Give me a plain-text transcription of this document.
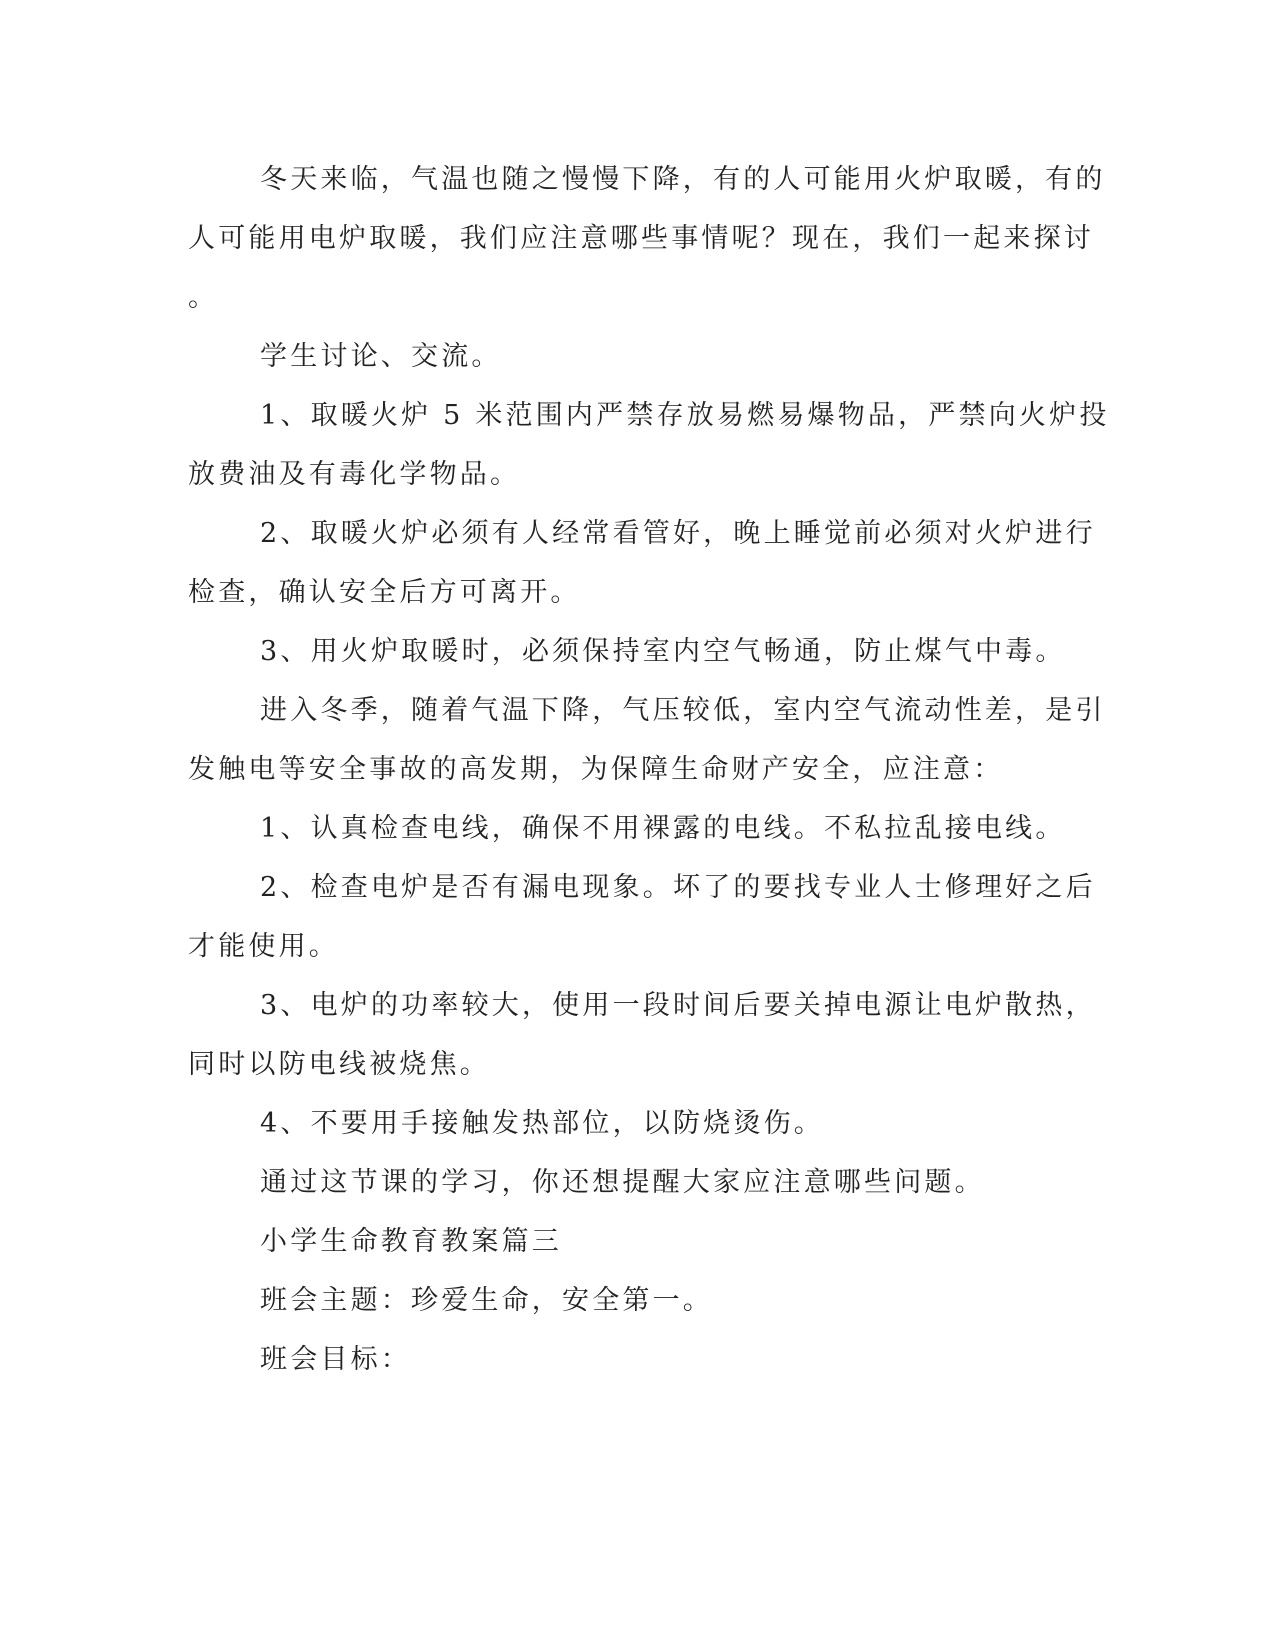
冬天来临，气温也随之慢慢下降，有的人可能用火炉取暖，有的
人可能用电炉取暖，我们应注意哪些事情呢？现在，我们一起来探讨
。
学生讨论、交流。
1、取暖火炉 5 米范围内严禁存放易燃易爆物品，严禁向火炉投
放费油及有毒化学物品。
2、取暖火炉必须有人经常看管好，晚上睡觉前必须对火炉进行
检查，确认安全后方可离开。
3、用火炉取暖时，必须保持室内空气畅通，防止煤气中毒。
进入冬季，随着气温下降，气压较低，室内空气流动性差，是引
发触电等安全事故的高发期，为保障生命财产安全，应注意：
1、认真检查电线，确保不用裸露的电线。不私拉乱接电线。
2、检查电炉是否有漏电现象。坏了的要找专业人士修理好之后
才能使用。
3、电炉的功率较大，使用一段时间后要关掉电源让电炉散热，
同时以防电线被烧焦。
4、不要用手接触发热部位，以防烧烫伤。
通过这节课的学习，你还想提醒大家应注意哪些问题。
小学生命教育教案篇三
班会主题：珍爱生命，安全第一。
班会目标：
